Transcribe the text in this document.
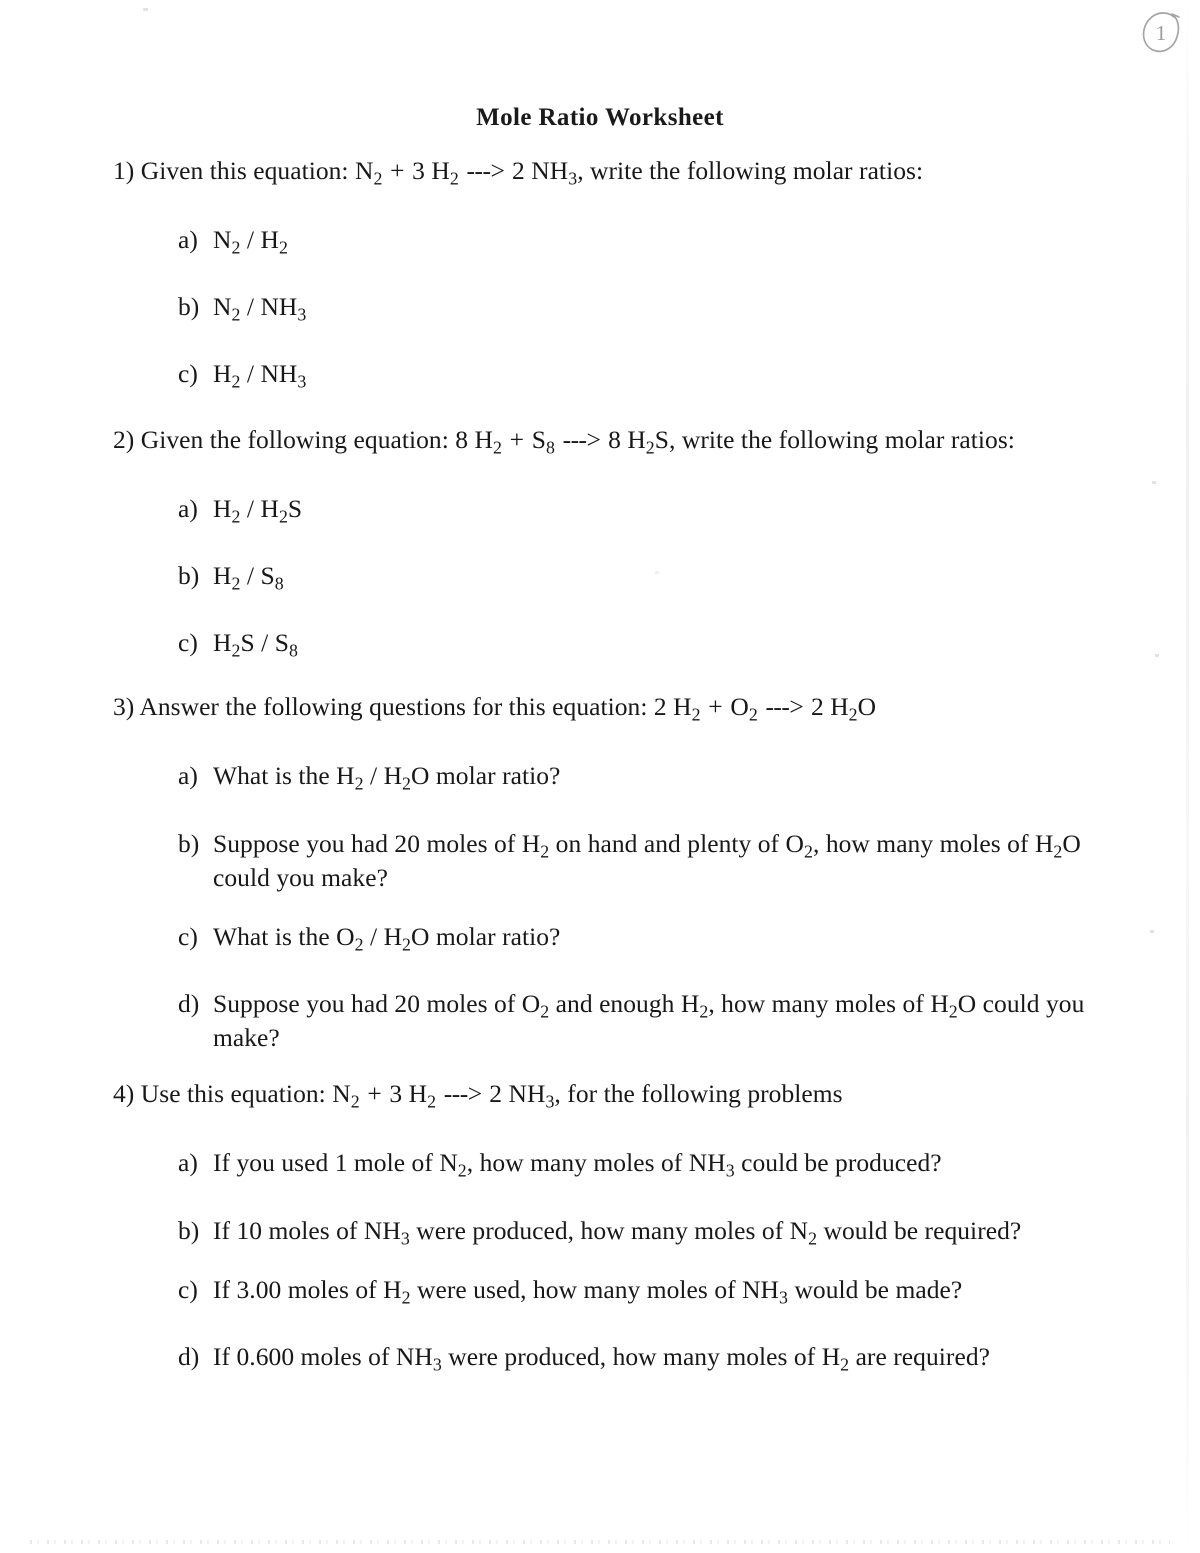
1
Mole Ratio Worksheet
1) Given this equation: $N_2 + 3$ $H_2$ ---> 2 $NH_3$, write the following molar ratios:
a) $N_2 / H_2$
b) $N_2 / NH_3$
c) $H_2 / NH_3$
2) Given the following equation: 8 $H_2 + S_8$ ---> 8 $H_2S$, write the following molar ratios:
a) $H_2 / H_2S$
b) $H_2 / S_8$
c) $H_2S / S_8$
3) Answer the following questions for this equation: 2 $H_2 + O_2$ ---> 2 $H_2O$
a) What is the $H_2 / H_2O$ molar ratio?
b) Suppose you had 20 moles of $H_2$ on hand and plenty of $O_2$, how many moles of $H_2O$ could you make?
c) What is the $O_2 / H_2O$ molar ratio?
d) Suppose you had 20 moles of $O_2$ and enough $H_2$, how many moles of $H_2O$ could you make?
4) Use this equation: $N_2 + 3$ $H_2$ ---> 2 $NH_3$, for the following problems
a) If you used 1 mole of $N_2$, how many moles of $NH_3$ could be produced?
b) If 10 moles of $NH_3$ were produced, how many moles of $N_2$ would be required?
c) If 3.00 moles of $H_2$ were used, how many moles of $NH_3$ would be made?
d) If 0.600 moles of $NH_3$ were produced, how many moles of $H_2$ are required?
